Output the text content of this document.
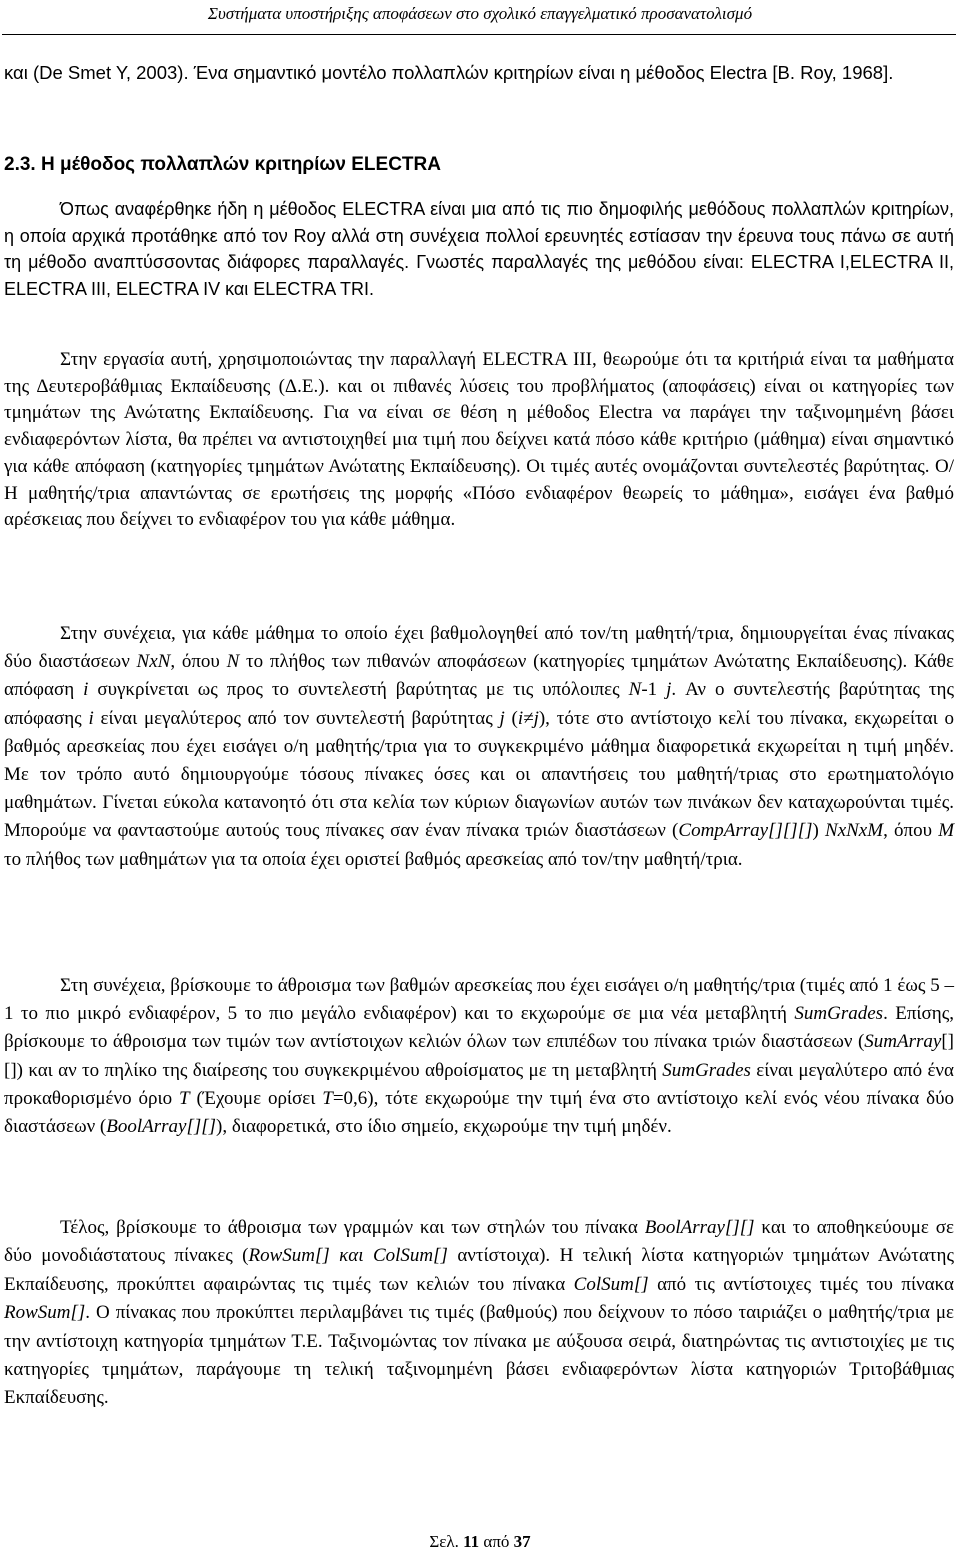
Συστήματα υποστήριξης αποφάσεων στο σχολικό επαγγελματικό προσανατολισμό

και (De Smet Y, 2003). Ένα σημαντικό μοντέλο πολλαπλών κριτηρίων είναι η μέθοδος Electra [B. Roy, 1968].

2.3. Η μέθοδος πολλαπλών κριτηρίων ELECTRA

Όπως αναφέρθηκε ήδη η μέθοδος ELECTRA είναι μια από τις πιο δημοφιλής μεθόδους πολλαπλών κριτηρίων, η οποία αρχικά προτάθηκε από τον Roy αλλά στη συνέχεια πολλοί ερευνητές εστίασαν την έρευνα τους πάνω σε αυτή τη μέθοδο αναπτύσσοντας διάφορες παραλλαγές. Γνωστές παραλλαγές της μεθόδου είναι: ELECTRA I,ELECTRA II, ELECTRA III, ELECTRA IV και ELECTRA TRI.

Στην εργασία αυτή, χρησιμοποιώντας την παραλλαγή ELECTRA III, θεωρούμε ότι τα κριτήριά είναι τα μαθήματα της Δευτεροβάθμιας Εκπαίδευσης (Δ.Ε.). και οι πιθανές λύσεις του προβλήματος (αποφάσεις) είναι οι κατηγορίες των τμημάτων της Ανώτατης Εκπαίδευσης. Για να είναι σε θέση η μέθοδος Electra να παράγει την ταξινομημένη βάσει ενδιαφερόντων λίστα, θα πρέπει να αντιστοιχηθεί μια τιμή που δείχνει κατά πόσο κάθε κριτήριο (μάθημα) είναι σημαντικό για κάθε απόφαση (κατηγορίες τμημάτων Ανώτατης Εκπαίδευσης). Οι τιμές αυτές ονομάζονται συντελεστές βαρύτητας. Ο/Η μαθητής/τρια απαντώντας σε ερωτήσεις της μορφής «Πόσο ενδιαφέρον θεωρείς το μάθημα», εισάγει ένα βαθμό αρέσκειας που δείχνει το ενδιαφέρον του για κάθε μάθημα.

Στην συνέχεια, για κάθε μάθημα το οποίο έχει βαθμολογηθεί από τον/τη μαθητή/τρια, δημιουργείται ένας πίνακας δύο διαστάσεων NxN, όπου N το πλήθος των πιθανών αποφάσεων (κατηγορίες τμημάτων Ανώτατης Εκπαίδευσης). Κάθε απόφαση i συγκρίνεται ως προς το συντελεστή βαρύτητας με τις υπόλοιπες N-1 j. Αν ο συντελεστής βαρύτητας της απόφασης i είναι μεγαλύτερος από τον συντελεστή βαρύτητας j (i≠j), τότε στο αντίστοιχο κελί του πίνακα, εκχωρείται ο βαθμός αρεσκείας που έχει εισάγει ο/η μαθητής/τρια για το συγκεκριμένο μάθημα διαφορετικά εκχωρείται η τιμή μηδέν. Με τον τρόπο αυτό δημιουργούμε τόσους πίνακες όσες και οι απαντήσεις του μαθητή/τριας στο ερωτηματολόγιο μαθημάτων. Γίνεται εύκολα κατανοητό ότι στα κελία των κύριων διαγωνίων αυτών των πινάκων δεν καταχωρούνται τιμές. Μπορούμε να φανταστούμε αυτούς τους πίνακες σαν έναν πίνακα τριών διαστάσεων (CompArray[][][]) NxNxM, όπου M το πλήθος των μαθημάτων για τα οποία έχει οριστεί βαθμός αρεσκείας από τον/την μαθητή/τρια.

Στη συνέχεια, βρίσκουμε το άθροισμα των βαθμών αρεσκείας που έχει εισάγει ο/η μαθητής/τρια (τιμές από 1 έως 5 – 1 το πιο μικρό ενδιαφέρον, 5 το πιο μεγάλο ενδιαφέρον) και το εκχωρούμε σε μια νέα μεταβλητή SumGrades. Επίσης, βρίσκουμε το άθροισμα των τιμών των αντίστοιχων κελιών όλων των επιπέδων του πίνακα τριών διαστάσεων (SumArray[][]) και αν το πηλίκο της διαίρεσης του συγκεκριμένου αθροίσματος με τη μεταβλητή SumGrades είναι μεγαλύτερο από ένα προκαθορισμένο όριο T (Έχουμε ορίσει T=0,6), τότε εκχωρούμε την τιμή ένα στο αντίστοιχο κελί ενός νέου πίνακα δύο διαστάσεων (BoolArray[][]), διαφορετικά, στο ίδιο σημείο, εκχωρούμε την τιμή μηδέν.

Τέλος, βρίσκουμε το άθροισμα των γραμμών και των στηλών του πίνακα BoolArray[][] και το αποθηκεύουμε σε δύο μονοδιάστατους πίνακες (RowSum[] και ColSum[] αντίστοιχα). Η τελική λίστα κατηγοριών τμημάτων Ανώτατης Εκπαίδευσης, προκύπτει αφαιρώντας τις τιμές των κελιών του πίνακα ColSum[] από τις αντίστοιχες τιμές του πίνακα RowSum[]. Ο πίνακας που προκύπτει περιλαμβάνει τις τιμές (βαθμούς) που δείχνουν το πόσο ταιριάζει ο μαθητής/τρια με την αντίστοιχη κατηγορία τμημάτων Τ.Ε. Ταξινομώντας τον πίνακα με αύξουσα σειρά, διατηρώντας τις αντιστοιχίες με τις κατηγορίες τμημάτων, παράγουμε τη τελική ταξινομημένη βάσει ενδιαφερόντων λίστα κατηγοριών Τριτοβάθμιας Εκπαίδευσης.

Σελ. 11 από 37
